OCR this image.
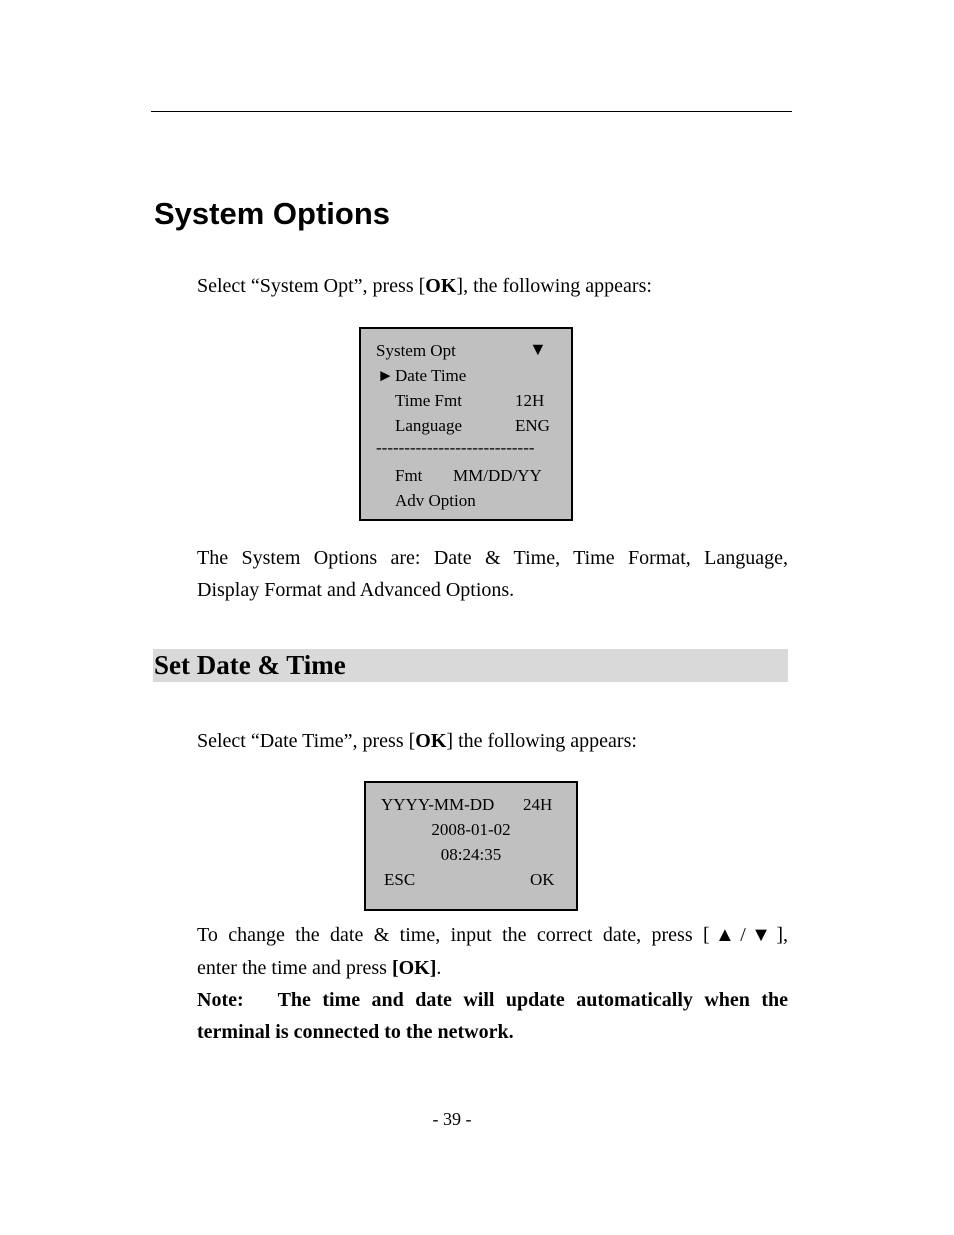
System Options

Select “System Opt”, press [OK], the following appears:

System Opt	▼
► Date Time
Time Fmt	12H
Language	ENG
----------------------------
Fmt MM/DD/YY
Adv Option

The System Options are: Date & Time, Time Format, Language,

Display Format and Advanced Options.

Set Date & Time

Select “Date Time”, press [OK] the following appears:

YYYY-MM-DD 24H
2008-01-02
08:24:35
ESC	OK

To change the date & time, input the correct date, press [▲/▼],

enter the time and press [OK].

Note:   The time and date will update automatically when the

terminal is connected to the network.

- 39 -
